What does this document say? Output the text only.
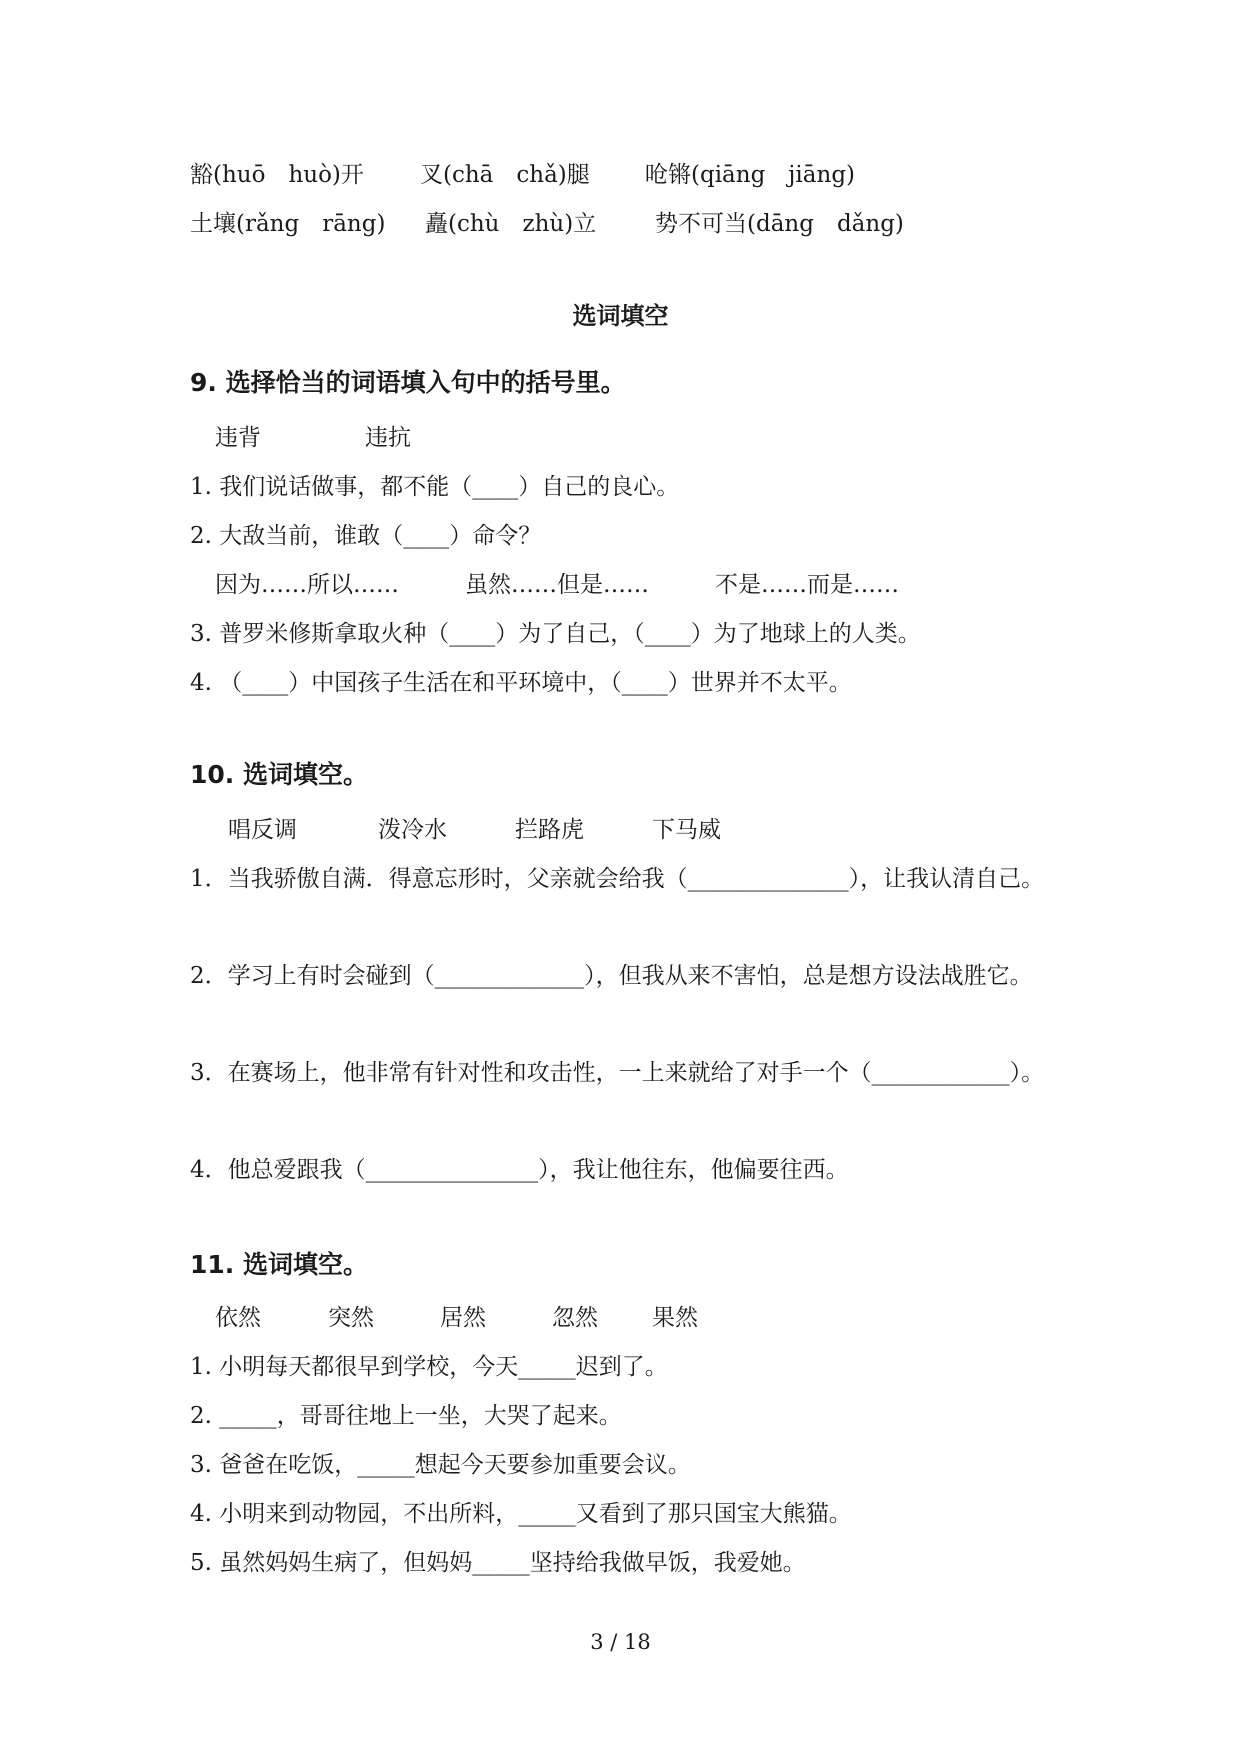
豁(huō　huò)开 叉(chā　chǎ)腿 呛锵(qiāng　jiāng)
土壤(rǎng　rāng) 矗(chù　zhù)立	势不可当(dāng　dǎng)
选词填空
9. 选择恰当的词语填入句中的括号里。
违背	违抗
1. 我们说话做事，都不能（____）自己的良心。
2. 大敌当前，谁敢（____）命令？
因为……所以……	虽然……但是……	不是……而是……
3. 普罗米修斯拿取火种（____）为了自己，（____）为了地球上的人类。
4. （____）中国孩子生活在和平环境中，（____）世界并不太平。
10. 选词填空。
唱反调	泼冷水	拦路虎	下马威
1．当我骄傲自满．得意忘形时，父亲就会给我（______________），让我认清自己。
2．学习上有时会碰到（_____________），但我从来不害怕，总是想方设法战胜它。
3．在赛场上，他非常有针对性和攻击性，一上来就给了对手一个（____________）。
4．他总爱跟我（_______________），我让他往东，他偏要往西。
11. 选词填空。
依然	突然	居然	忽然 果然
1. 小明每天都很早到学校，今天_____迟到了。
2. _____，哥哥往地上一坐，大哭了起来。
3. 爸爸在吃饭，_____想起今天要参加重要会议。
4. 小明来到动物园，不出所料，_____又看到了那只国宝大熊猫。
5. 虽然妈妈生病了，但妈妈_____坚持给我做早饭，我爱她。
3 / 18
